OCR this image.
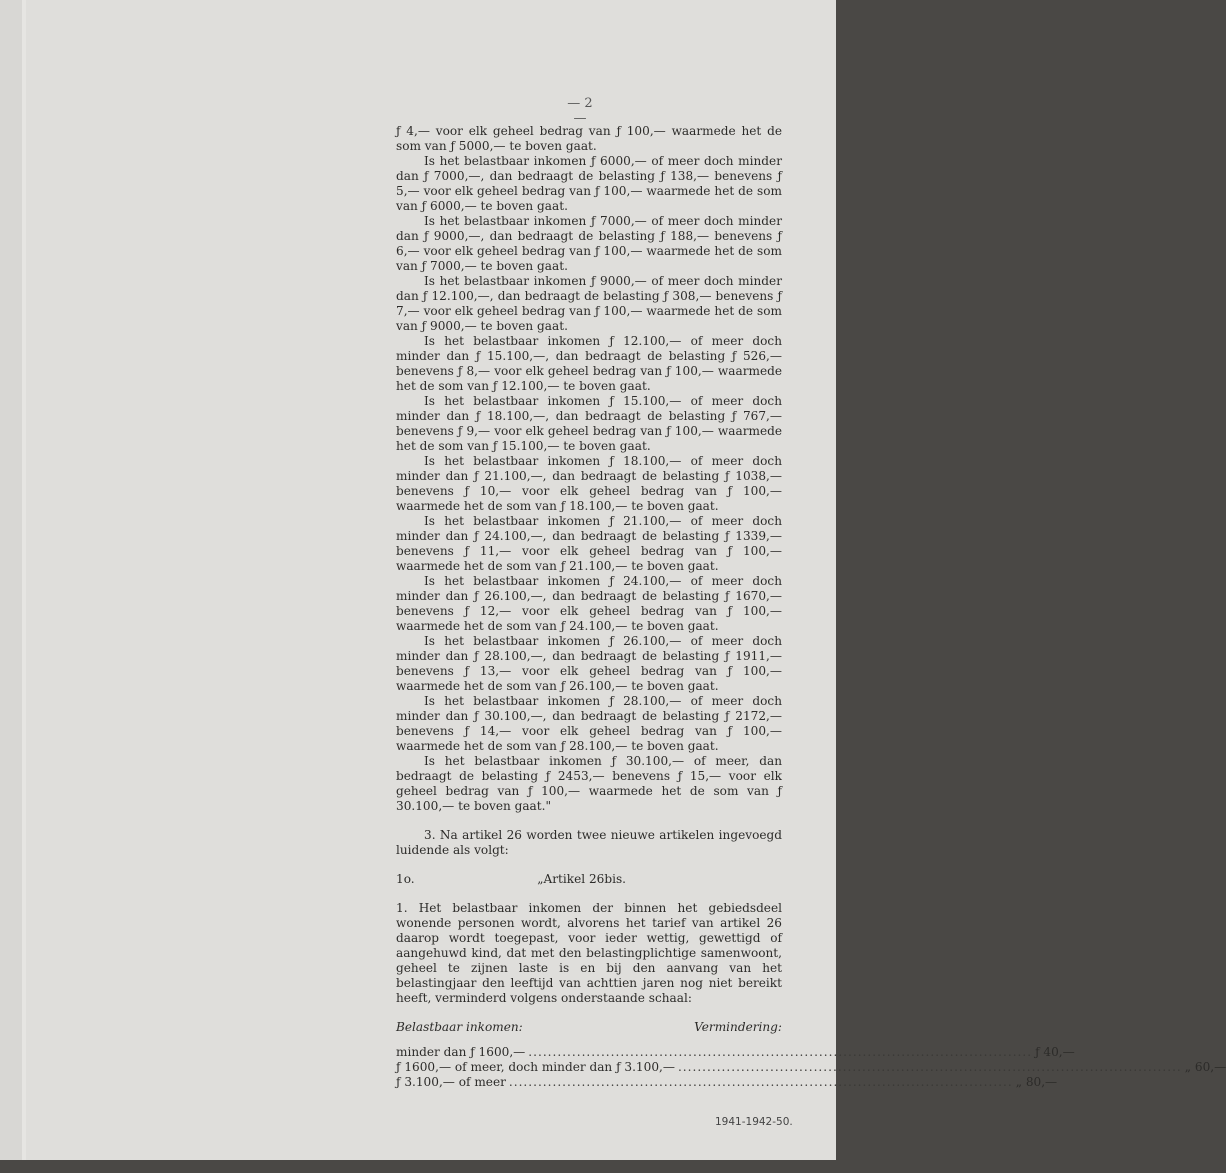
— 2 —

ƒ 4,— voor elk geheel bedrag van ƒ 100,— waarmede het de som van ƒ 5000,— te boven gaat.

Is het belastbaar inkomen ƒ 6000,— of meer doch minder dan ƒ 7000,—, dan bedraagt de belasting ƒ 138,— benevens ƒ 5,— voor elk geheel bedrag van ƒ 100,— waarmede het de som van ƒ 6000,— te boven gaat.

Is het belastbaar inkomen ƒ 7000,— of meer doch minder dan ƒ 9000,—, dan bedraagt de belasting ƒ 188,— benevens ƒ 6,— voor elk geheel bedrag van ƒ 100,— waarmede het de som van ƒ 7000,— te boven gaat.

Is het belastbaar inkomen ƒ 9000,— of meer doch minder dan ƒ 12.100,—, dan bedraagt de belasting ƒ 308,— benevens ƒ 7,— voor elk geheel bedrag van ƒ 100,— waarmede het de som van ƒ 9000,— te boven gaat.

Is het belastbaar inkomen ƒ 12.100,— of meer doch minder dan ƒ 15.100,—, dan bedraagt de belasting ƒ 526,— benevens ƒ 8,— voor elk geheel bedrag van ƒ 100,— waarmede het de som van ƒ 12.100,— te boven gaat.

Is het belastbaar inkomen ƒ 15.100,— of meer doch minder dan ƒ 18.100,—, dan bedraagt de belasting ƒ 767,— benevens ƒ 9,— voor elk geheel bedrag van ƒ 100,— waarmede het de som van ƒ 15.100,— te boven gaat.

Is het belastbaar inkomen ƒ 18.100,— of meer doch minder dan ƒ 21.100,—, dan bedraagt de belasting ƒ 1038,— benevens ƒ 10,— voor elk geheel bedrag van ƒ 100,— waarmede het de som van ƒ 18.100,— te boven gaat.

Is het belastbaar inkomen ƒ 21.100,— of meer doch minder dan ƒ 24.100,—, dan bedraagt de belasting ƒ 1339,— benevens ƒ 11,— voor elk geheel bedrag van ƒ 100,— waarmede het de som van ƒ 21.100,— te boven gaat.

Is het belastbaar inkomen ƒ 24.100,— of meer doch minder dan ƒ 26.100,—, dan bedraagt de belasting ƒ 1670,— benevens ƒ 12,— voor elk geheel bedrag van ƒ 100,— waarmede het de som van ƒ 24.100,— te boven gaat.

Is het belastbaar inkomen ƒ 26.100,— of meer doch minder dan ƒ 28.100,—, dan bedraagt de belasting ƒ 1911,— benevens ƒ 13,— voor elk geheel bedrag van ƒ 100,— waarmede het de som van ƒ 26.100,— te boven gaat.

Is het belastbaar inkomen ƒ 28.100,— of meer doch minder dan ƒ 30.100,—, dan bedraagt de belasting ƒ 2172,— benevens ƒ 14,— voor elk geheel bedrag van ƒ 100,— waarmede het de som van ƒ 28.100,— te boven gaat.

Is het belastbaar inkomen ƒ 30.100,— of meer, dan bedraagt de belasting ƒ 2453,— benevens ƒ 15,— voor elk geheel bedrag van ƒ 100,— waarmede het de som van ƒ 30.100,— te boven gaat."

3. Na artikel 26 worden twee nieuwe artikelen ingevoegd luidende als volgt:

1o.	„Artikel 26bis.

1. Het belastbaar inkomen der binnen het gebiedsdeel wonende personen wordt, alvorens het tarief van artikel 26 daarop wordt toegepast, voor ieder wettig, gewettigd of aangehuwd kind, dat met den belastingplichtige samenwoont, geheel te zijnen laste is en bij den aanvang van het belastingjaar den leeftijd van achttien jaren nog niet bereikt heeft, verminderd volgens onderstaande schaal:

Belastbaar inkomen:	Vermindering:

minder dan ƒ 1600,— ........................................................................................................ ƒ 40,—
ƒ 1600,— of meer, doch minder dan ƒ 3.100,— ........................................................................................................ „ 60,—
ƒ 3.100,— of meer ........................................................................................................ „ 80,—
1941-1942-50.
